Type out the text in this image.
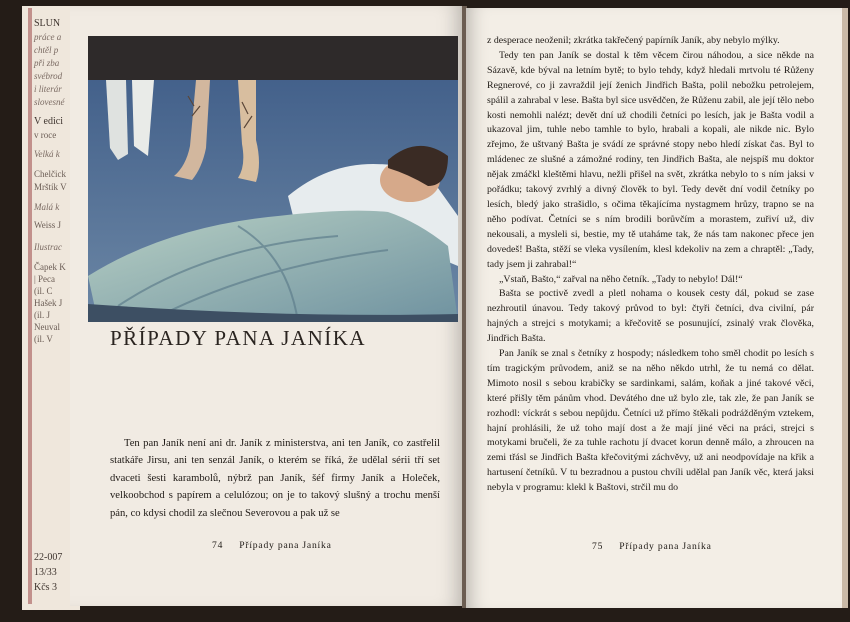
SLUN
práce a
chtěl p
při zba
svébrod
i literár
slovesné
V edici
v roce
Velká k
Chelčick
Mrštík V
Malá k
Weiss J
Ilustrac
Čapek K
| Peca
(il. C
Hašek J
(il. J
Neuval
(il. V
22-007
13/33
Kčs 3
PŘÍPADY PANA JANÍKA

Ten pan Janík není ani dr. Janík z ministerstva, ani ten Janík, co zastřelil statkáře Jirsu, ani ten senzál Janík, o kterém se říká, že udělal sérii tří set dvaceti šesti karambolů, nýbrž pan Janík, šéf firmy Janík a Holeček, velkoobchod s papírem a celulózou; on je to takový slušný a trochu menší pán, co kdysi chodil za slečnou Severovou a pak už se

74 Případy pana Janíka

z desperace neoženil; zkrátka takřečený papírník Janík, aby nebylo mýlky.

Tedy ten pan Janík se dostal k těm věcem čirou náhodou, a sice někde na Sázavě, kde býval na letním bytě; to bylo tehdy, když hledali mrtvolu té Růženy Regnerové, co ji zavraždil její ženich Jindřich Bašta, polil nebožku petrolejem, spálil a zahrabal v lese. Bašta byl sice usvědčen, že Růženu zabil, ale její tělo nebo kosti nemohli nalézt; devět dní už chodili četníci po lesích, jak je Bašta vodil a ukazoval jim, tuhle nebo tamhle to bylo, hrabali a kopali, ale nikde nic. Bylo zřejmo, že uštvaný Bašta je svádí ze správné stopy nebo hledí získat čas. Byl to mládenec ze slušné a zámožné rodiny, ten Jindřich Bašta, ale nejspíš mu doktor nějak zmáčkl kleštěmi hlavu, nežli přišel na svět, zkrátka nebylo to s ním jaksi v pořádku; takový zvrhlý a divný člověk to byl. Tedy devět dní vodil četníky po lesích, bledý jako strašidlo, s očima těkajícíma nystagmem hrůzy, trapno se na něho podívat. Četníci se s ním brodili borůvčím a morastem, zuřiví už, div nekousali, a mysleli si, bestie, my tě utaháme tak, že nás tam nakonec přece jen dovedeš! Bašta, stěží se vleka vysílením, klesl kdekoliv na zem a chraptěl: „Tady, tady jsem ji zahrabal!“

„Vstaň, Bašto,“ zařval na něho četník. „Tady to nebylo! Dál!“

Bašta se poctivě zvedl a pletl nohama o kousek cesty dál, pokud se zase nezhroutil únavou. Tedy takový průvod to byl: čtyři četníci, dva civilní, pár hajných a strejci s motykami; a křečovitě se posunující, zsinalý vrak člověka, Jindřich Bašta.

Pan Janík se znal s četníky z hospody; následkem toho směl chodit po lesích s tím tragickým průvodem, aniž se na něho někdo utrhl, že tu nemá co dělat. Mimoto nosil s sebou krabičky se sardinkami, salám, koňak a jiné takové věci, které přišly těm pánům vhod. Devátého dne už bylo zle, tak zle, že pan Janík se rozhodl: víckrát s sebou nepůjdu. Četníci už přímo štěkali podrážděným vztekem, hajní prohlásili, že už toho mají dost a že mají jiné věci na práci, strejci s motykami bručeli, že za tuhle rachotu jí dvacet korun denně málo, a zhroucen na zemi třásl se Jindřich Bašta křečovitými záchvěvy, už ani neodpovídaje na křik a hartusení četníků. V tu bezradnou a pustou chvíli udělal pan Janík věc, která jaksi nebyla v programu: klekl k Baštovi, strčil mu do

75 Případy pana Janíka
